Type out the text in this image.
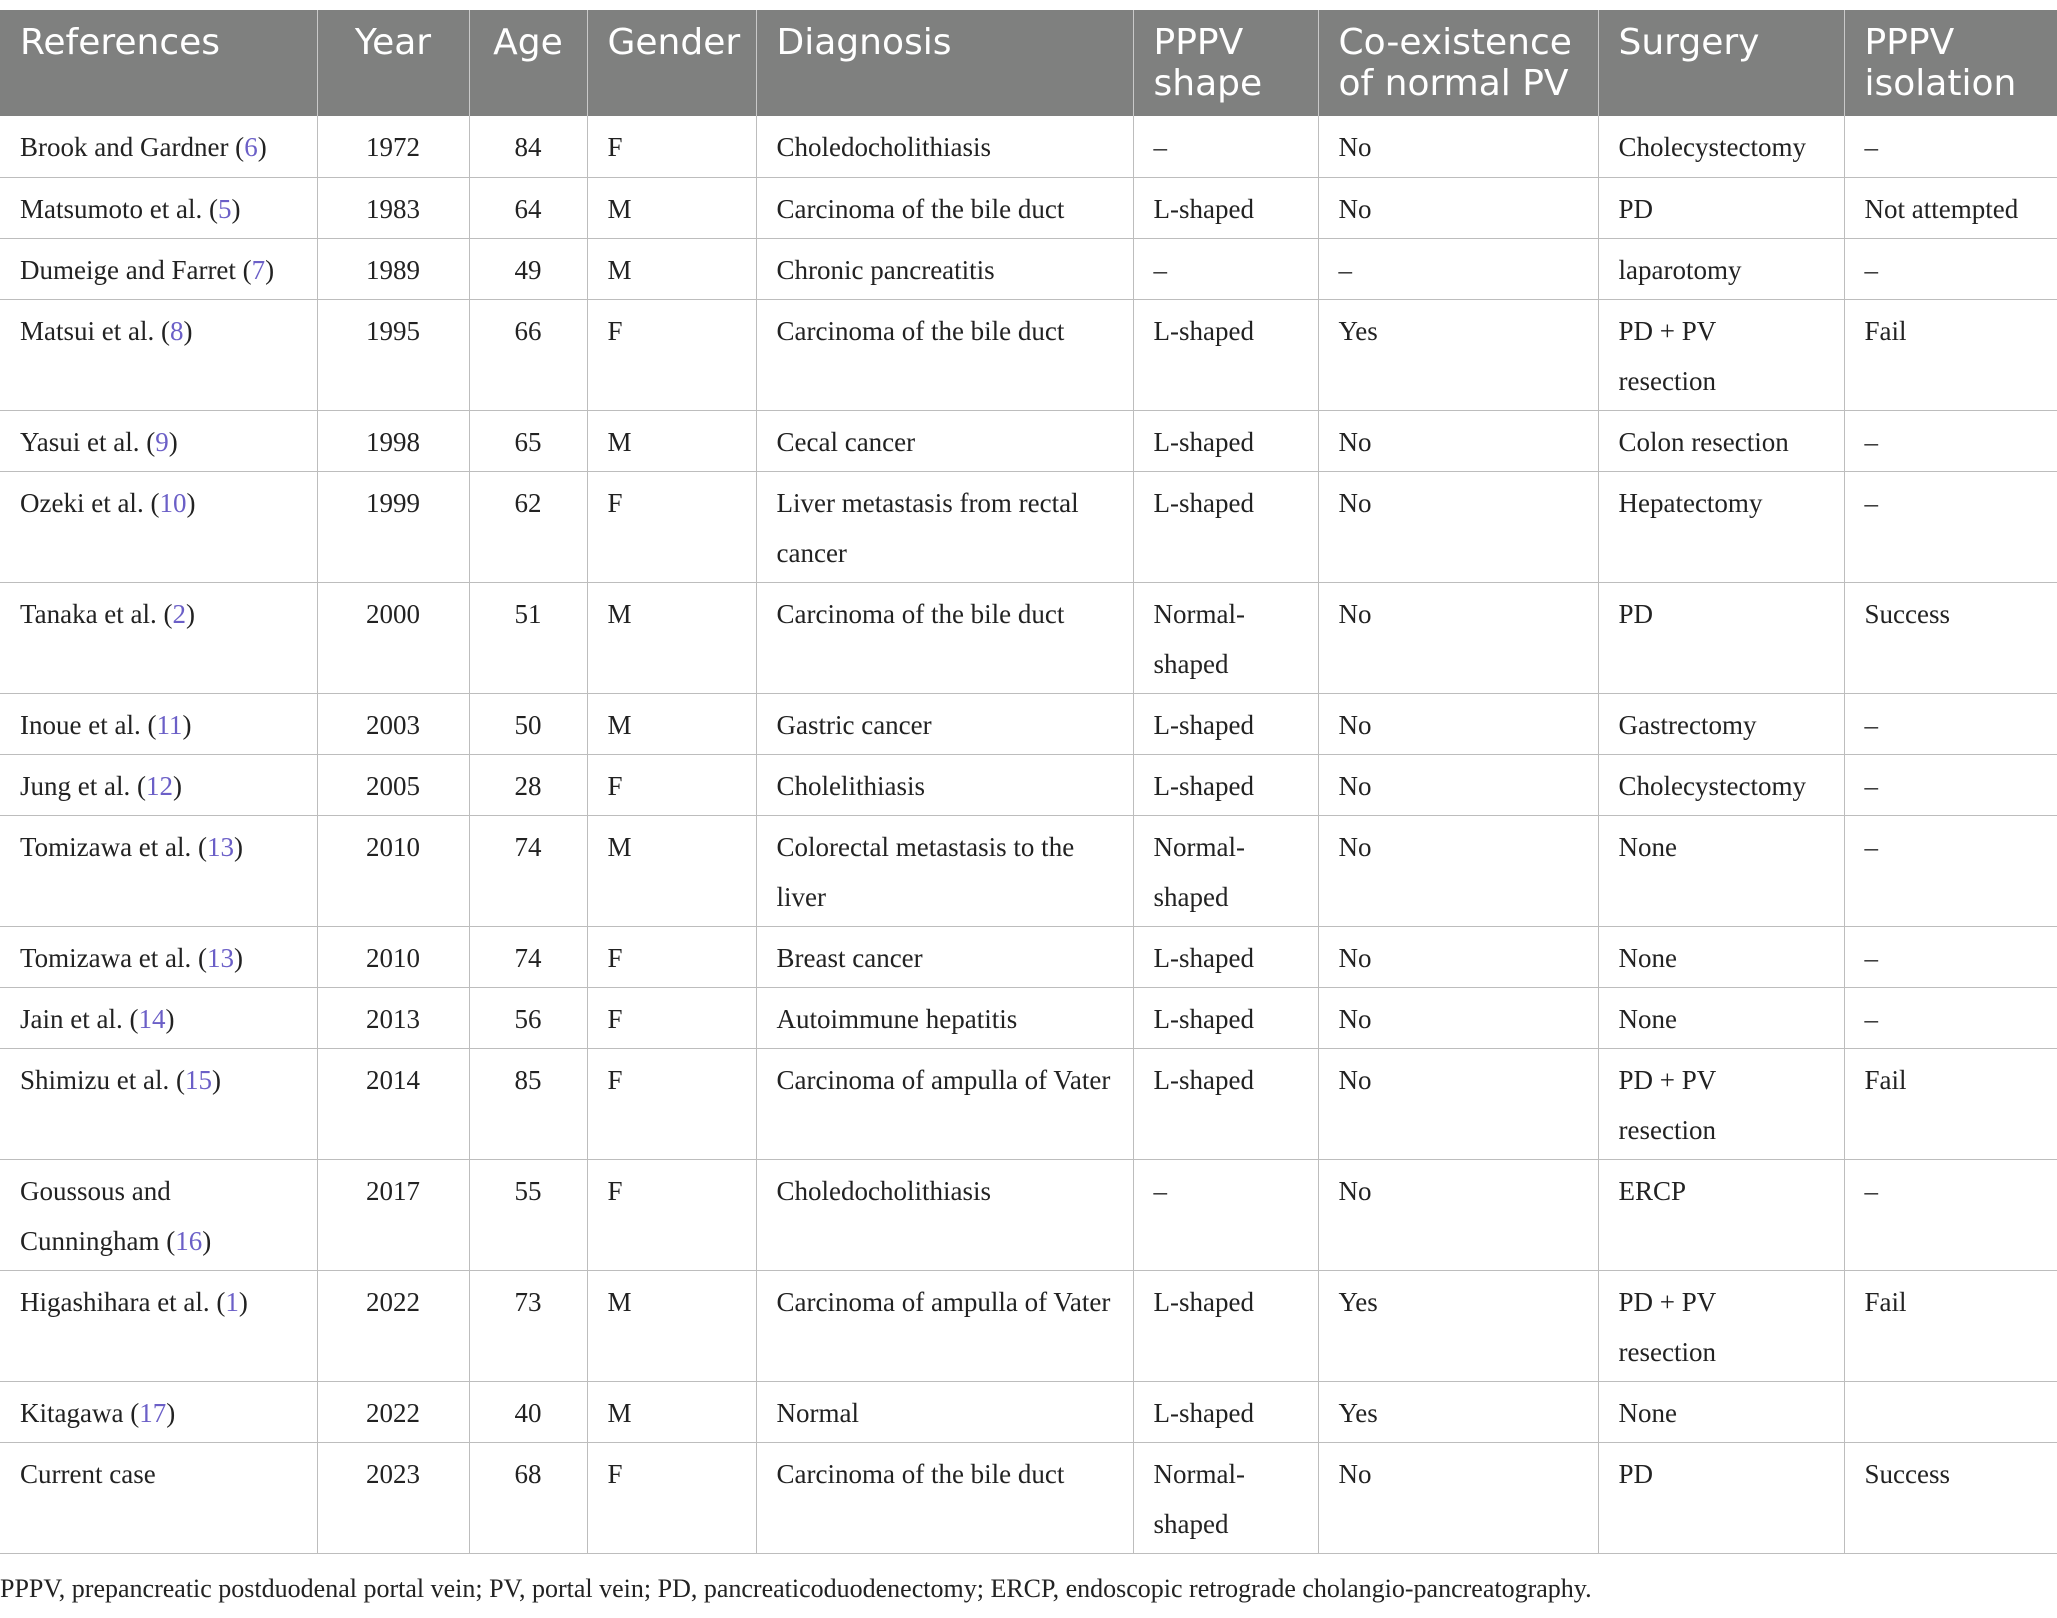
References	Year	Age	Gender	Diagnosis	PPPV shape	Co-existence of normal PV	Surgery	PPPV isolation
Brook and Gardner (6)	1972	84	F	Choledocholithiasis	–	No	Cholecystectomy	–
Matsumoto et al. (5)	1983	64	M	Carcinoma of the bile duct	L-shaped	No	PD	Not attempted
Dumeige and Farret (7)	1989	49	M	Chronic pancreatitis	–	–	laparotomy	–
Matsui et al. (8)	1995	66	F	Carcinoma of the bile duct	L-shaped	Yes	PD + PV resection	Fail
Yasui et al. (9)	1998	65	M	Cecal cancer	L-shaped	No	Colon resection	–
Ozeki et al. (10)	1999	62	F	Liver metastasis from rectal cancer	L-shaped	No	Hepatectomy	–
Tanaka et al. (2)	2000	51	M	Carcinoma of the bile duct	Normal-shaped	No	PD	Success
Inoue et al. (11)	2003	50	M	Gastric cancer	L-shaped	No	Gastrectomy	–
Jung et al. (12)	2005	28	F	Cholelithiasis	L-shaped	No	Cholecystectomy	–
Tomizawa et al. (13)	2010	74	M	Colorectal metastasis to the liver	Normal-shaped	No	None	–
Tomizawa et al. (13)	2010	74	F	Breast cancer	L-shaped	No	None	–
Jain et al. (14)	2013	56	F	Autoimmune hepatitis	L-shaped	No	None	–
Shimizu et al. (15)	2014	85	F	Carcinoma of ampulla of Vater	L-shaped	No	PD + PV resection	Fail
Goussous and Cunningham (16)	2017	55	F	Choledocholithiasis	–	No	ERCP	–
Higashihara et al. (1)	2022	73	M	Carcinoma of ampulla of Vater	L-shaped	Yes	PD + PV resection	Fail
Kitagawa (17)	2022	40	M	Normal	L-shaped	Yes	None	
Current case	2023	68	F	Carcinoma of the bile duct	Normal-shaped	No	PD	Success
PPPV, prepancreatic postduodenal portal vein; PV, portal vein; PD, pancreaticoduodenectomy; ERCP, endoscopic retrograde cholangio-pancreatography.
